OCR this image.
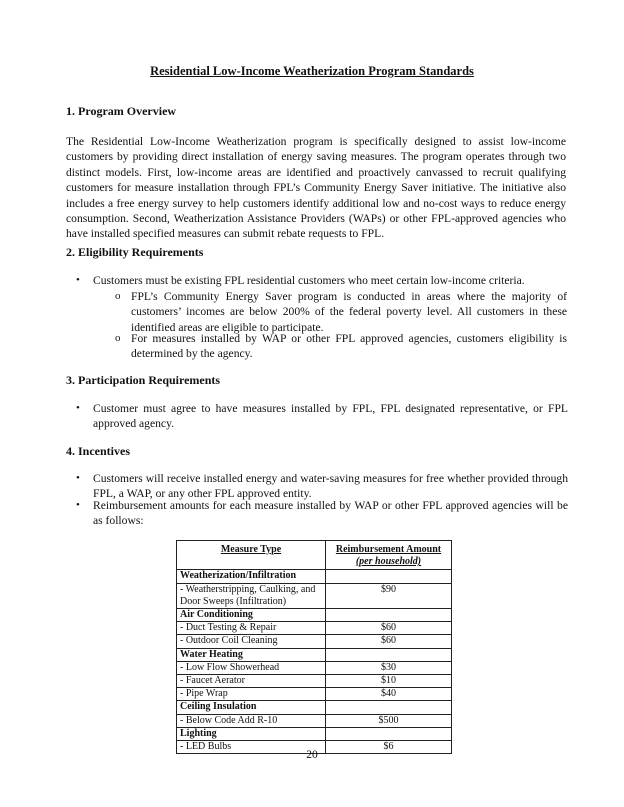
Residential Low-Income Weatherization Program Standards
1. Program Overview

The Residential Low-Income Weatherization program is specifically designed to assist low-income customers by providing direct installation of energy saving measures. The program operates through two distinct models. First, low-income areas are identified and proactively canvassed to recruit qualifying customers for measure installation through FPL’s Community Energy Saver initiative. The initiative also includes a free energy survey to help customers identify additional low and no-cost ways to reduce energy consumption. Second, Weatherization Assistance Providers (WAPs) or other FPL-approved agencies who have installed specified measures can submit rebate requests to FPL.

2. Eligibility Requirements
•	Customers must be existing FPL residential customers who meet certain low-income criteria.
o FPL’s Community Energy Saver program is conducted in areas where the majority of customers’ incomes are below 200% of the federal poverty level. All customers in these identified areas are eligible to participate.
o For measures installed by WAP or other FPL approved agencies, customers eligibility is determined by the agency.
3. Participation Requirements
•	Customer must agree to have measures installed by FPL, FPL designated representative, or FPL approved agency.
4. Incentives
•	Customers will receive installed energy and water-saving measures for free whether provided through FPL, a WAP, or any other FPL approved entity.
•	Reimbursement amounts for each measure installed by WAP or other FPL approved agencies will be as follows:
Measure Type	Reimbursement Amount
(per household)

Weatherization/Infiltration	
- Weatherstripping, Caulking, and Door Sweeps (Infiltration)	$90
Air Conditioning	
- Duct Testing & Repair	$60
- Outdoor Coil Cleaning	$60
Water Heating	
- Low Flow Showerhead	$30
- Faucet Aerator	$10
- Pipe Wrap	$40
Ceiling Insulation	
- Below Code Add R-10	$500
Lighting	
- LED Bulbs	$6
20
